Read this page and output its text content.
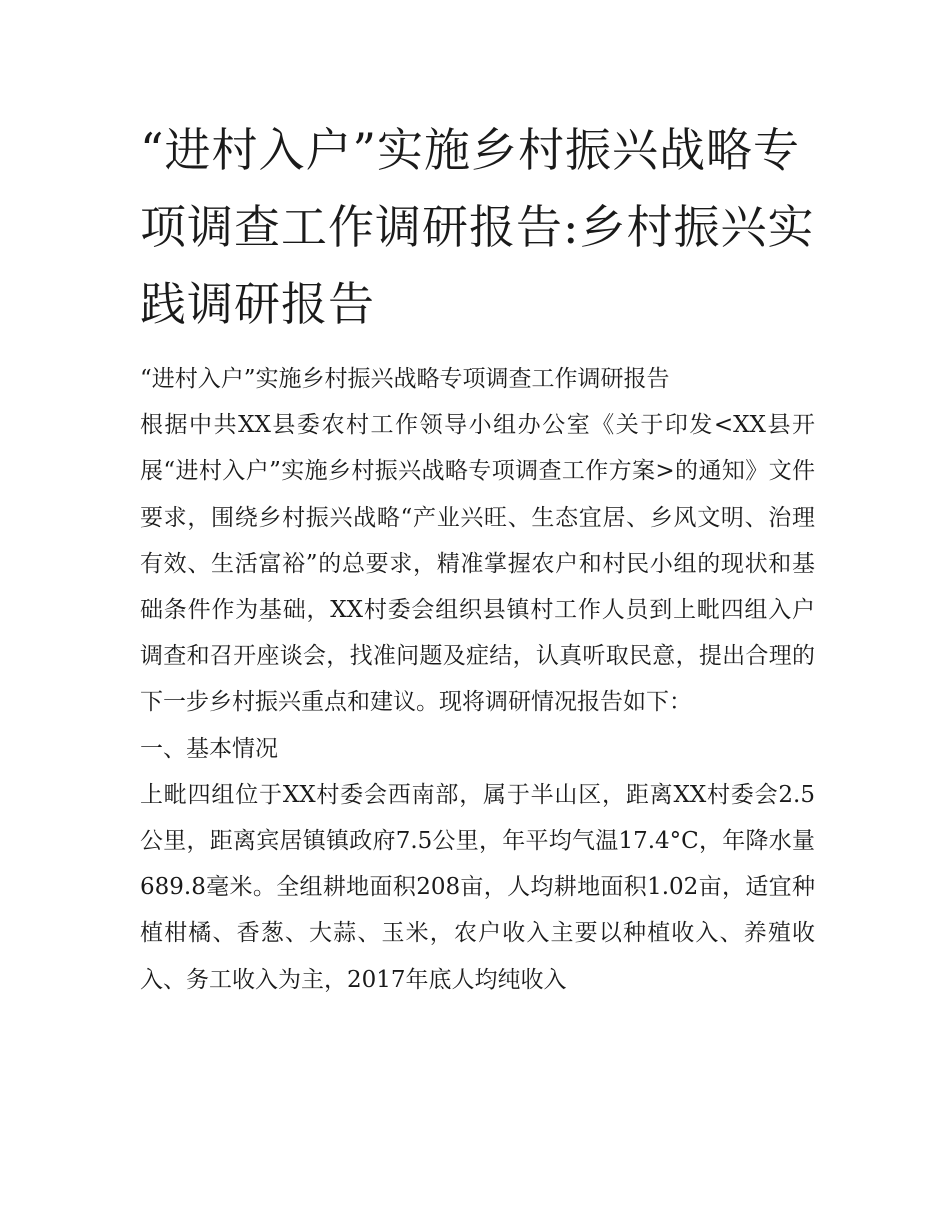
“进村入户”实施乡村振兴战略专项调查工作调研报告:乡村振兴实践调研报告

“进村入户”实施乡村振兴战略专项调查工作调研报告

根据中共XX县委农村工作领导小组办公室《关于印发<XX县开展“进村入户”实施乡村振兴战略专项调查工作方案>的通知》文件要求，围绕乡村振兴战略“产业兴旺、生态宜居、乡风文明、治理有效、生活富裕”的总要求，精准掌握农户和村民小组的现状和基础条件作为基础，XX村委会组织县镇村工作人员到上毗四组入户调查和召开座谈会，找准问题及症结，认真听取民意，提出合理的下一步乡村振兴重点和建议。现将调研情况报告如下：

一、基本情况

上毗四组位于XX村委会西南部，属于半山区，距离XX村委会2.5公里，距离宾居镇镇政府7.5公里，年平均气温17.4°C，年降水量689.8毫米。全组耕地面积208亩，人均耕地面积1.02亩，适宜种植柑橘、香葱、大蒜、玉米，农户收入主要以种植收入、养殖收入、务工收入为主，2017年底人均纯收入
